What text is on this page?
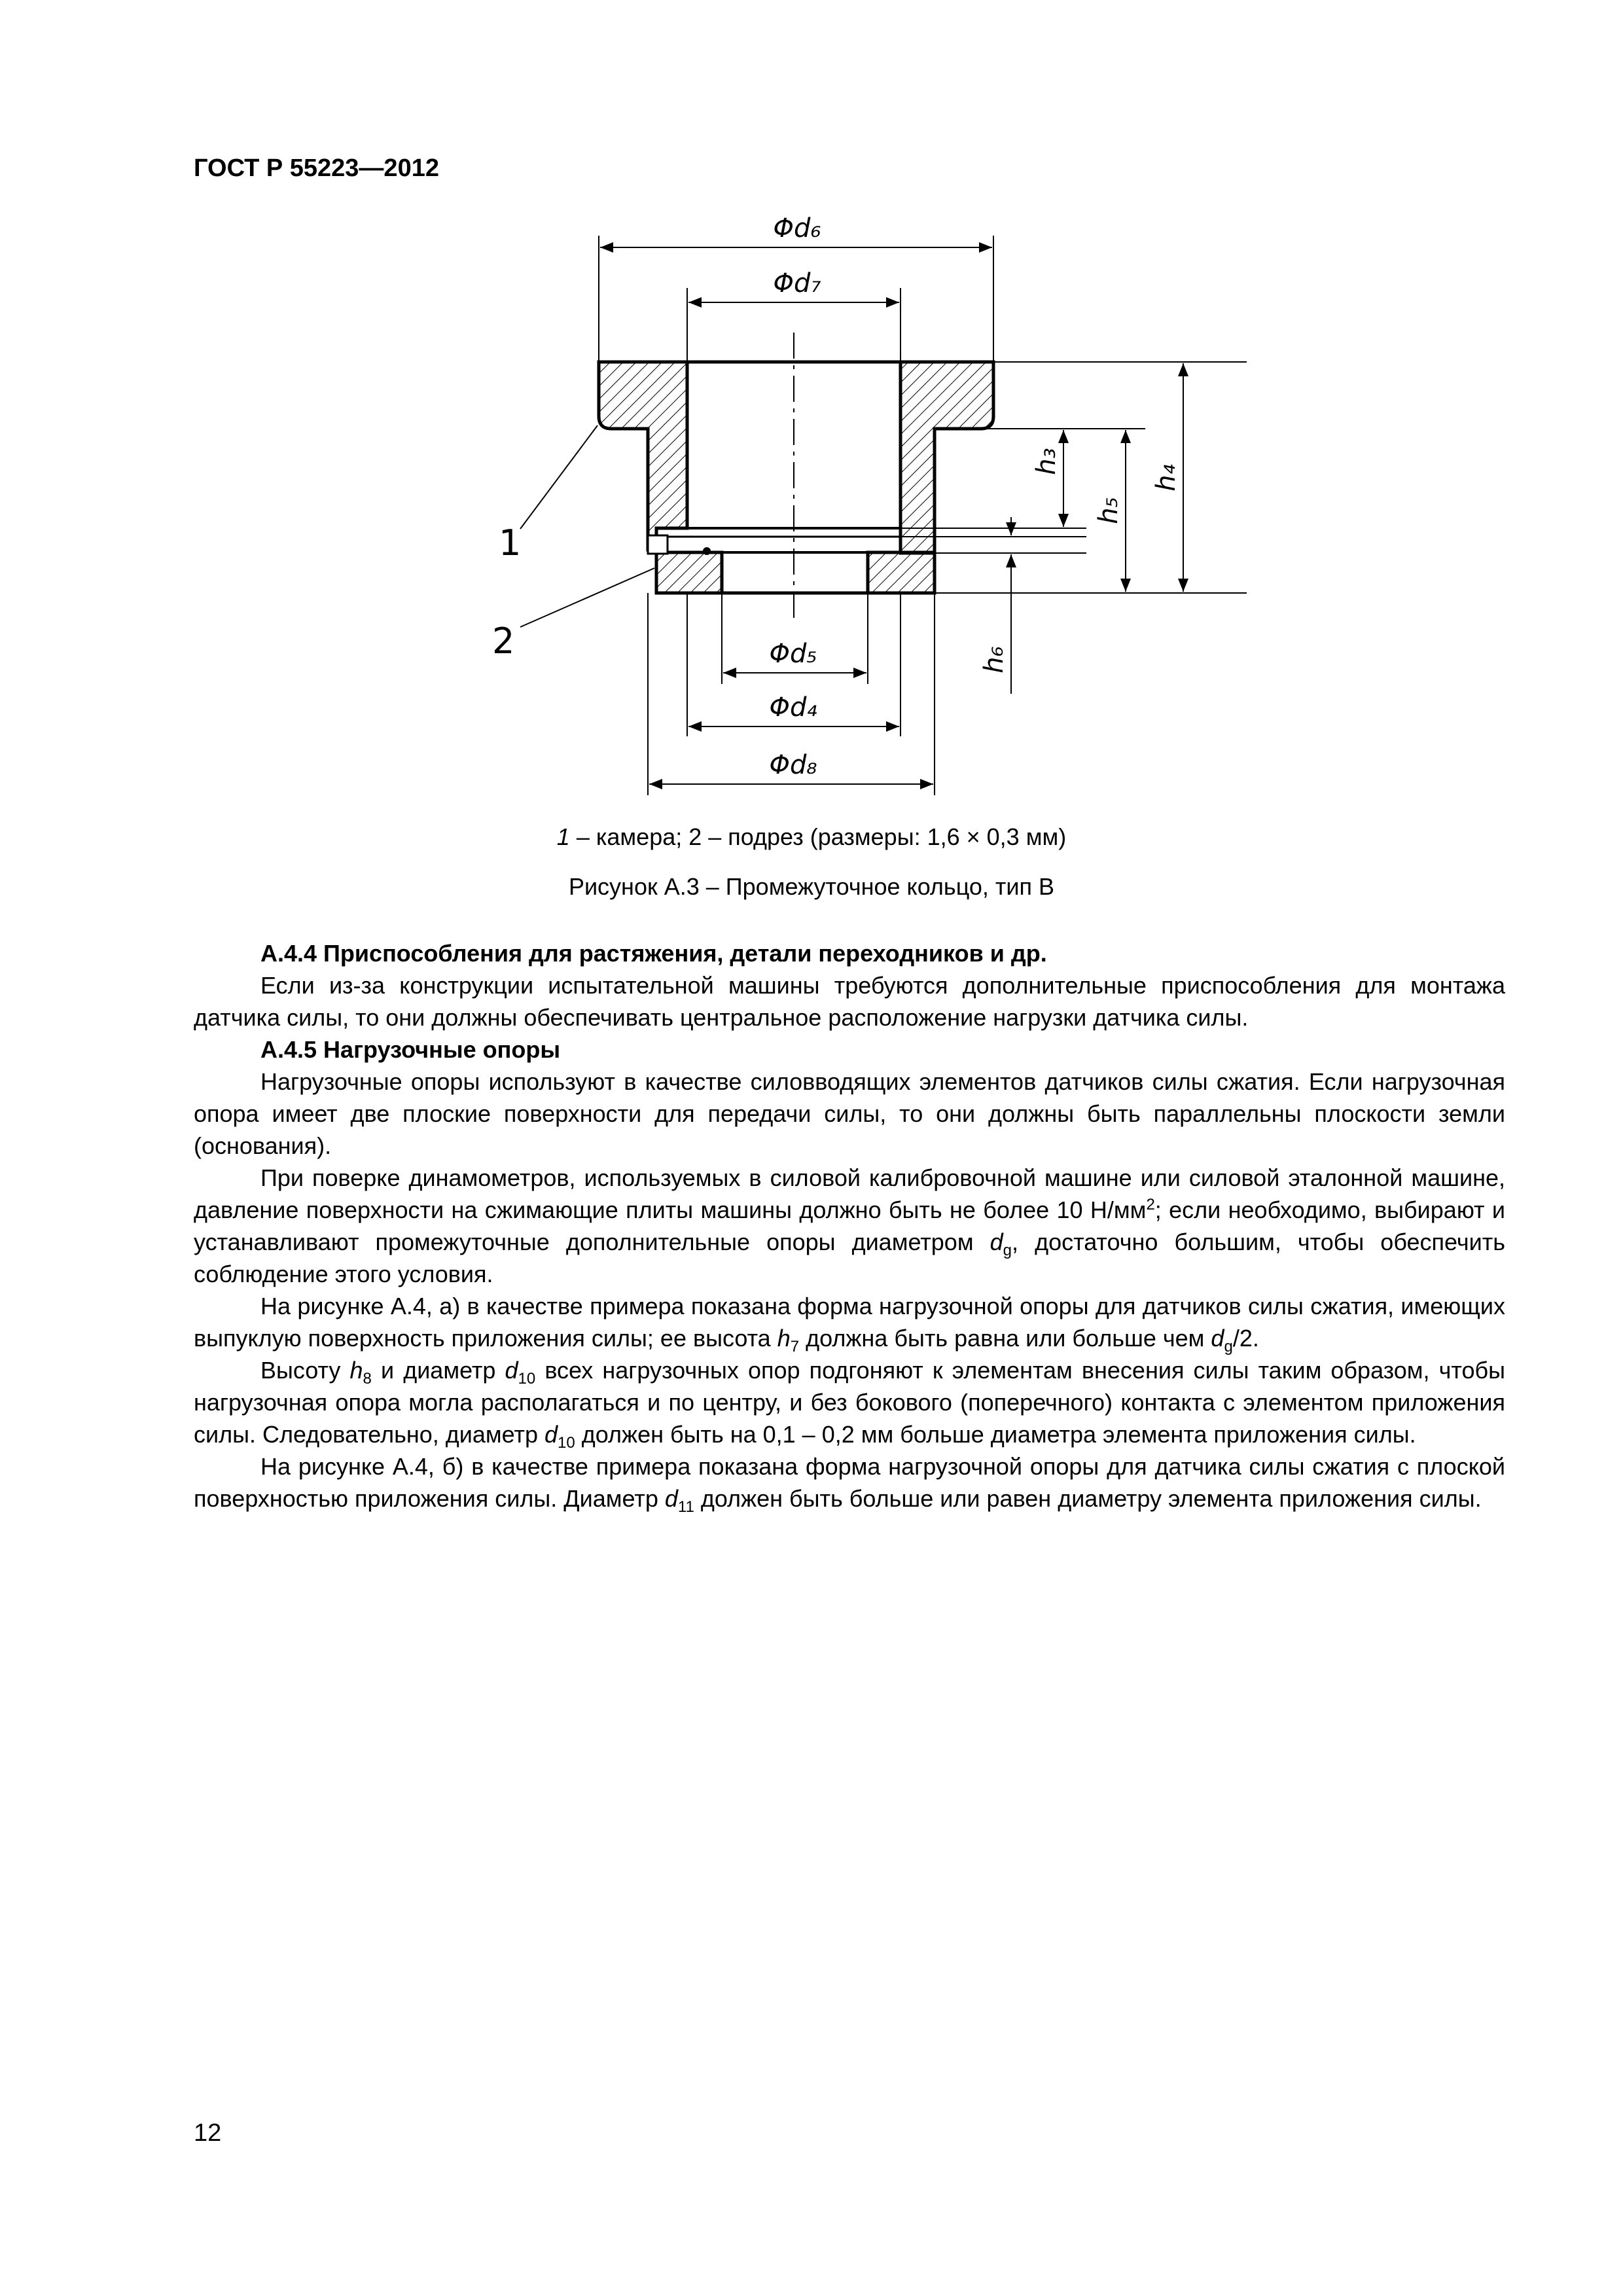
ГОСТ Р 55223—2012
Φd₆
Φd₇
Φd₅
Φd₄
Φd₈
h₃
h₅
h₄
h₆
1
2
1 – камера; 2 – подрез (размеры: 1,6 × 0,3 мм)
Рисунок А.3 – Промежуточное кольцо, тип В

А.4.4 Приспособления для растяжения, детали переходников и др.

Если из-за конструкции испытательной машины требуются дополнительные приспособления для монтажа датчика силы, то они должны обеспечивать центральное расположение нагрузки датчика силы.

А.4.5 Нагрузочные опоры

Нагрузочные опоры используют в качестве силовводящих элементов датчиков силы сжатия. Если нагрузочная опора имеет две плоские поверхности для передачи силы, то они должны быть параллельны плоскости земли (основания).

При поверке динамометров, используемых в силовой калибровочной машине или силовой эталонной машине, давление поверхности на сжимающие плиты машины должно быть не более 10 $Н/мм^2$; если необходимо, выбирают и устанавливают промежуточные дополнительные опоры диаметром $d_g$, достаточно большим, чтобы обеспечить соблюдение этого условия.

На рисунке А.4, а) в качестве примера показана форма нагрузочной опоры для датчиков силы сжатия, имеющих выпуклую поверхность приложения силы; ее высота $h_7$ должна быть равна или больше чем $d_g/2$.

Высоту $h_8$ и диаметр $d_{10}$ всех нагрузочных опор подгоняют к элементам внесения силы таким образом, чтобы нагрузочная опора могла располагаться и по центру, и без бокового (поперечного) контакта с элементом приложения силы. Следовательно, диаметр $d_{10}$ должен быть на 0,1 – 0,2 мм больше диаметра элемента приложения силы.

На рисунке А.4, б) в качестве примера показана форма нагрузочной опоры для датчика силы сжатия с плоской поверхностью приложения силы. Диаметр $d_{11}$ должен быть больше или равен диаметру элемента приложения силы.

12
